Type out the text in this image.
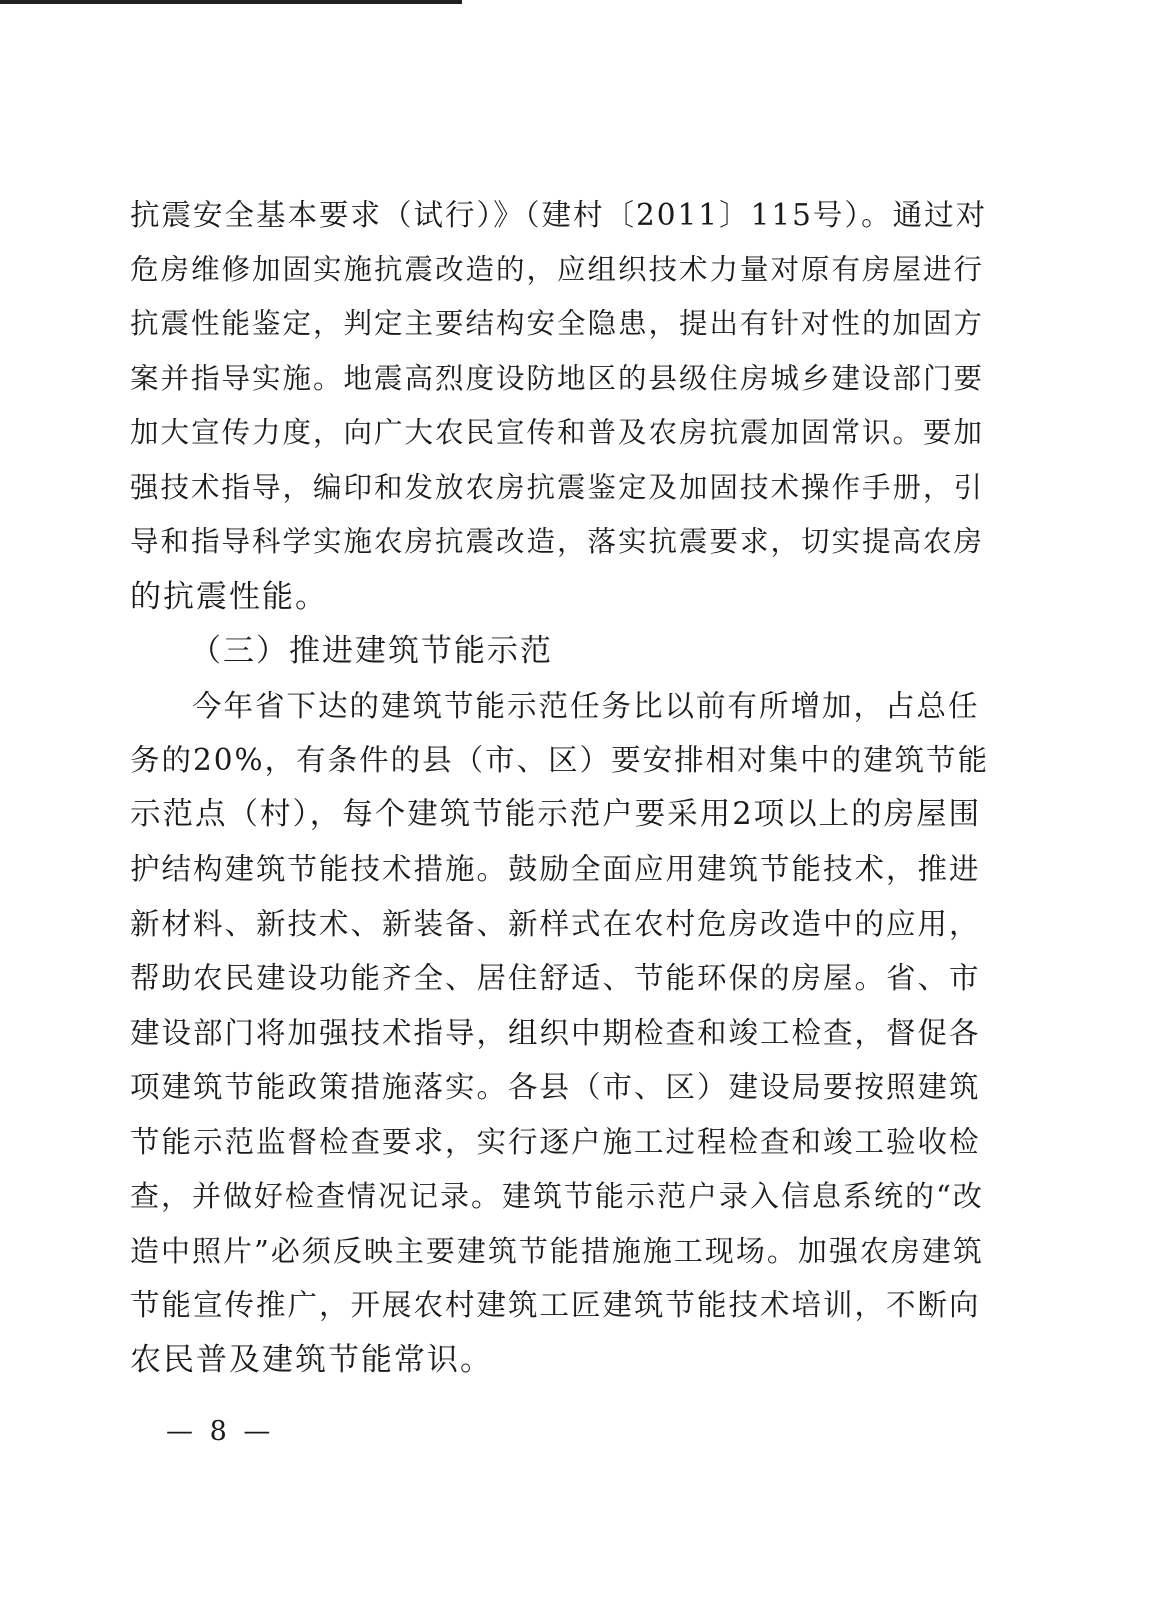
抗震安全基本要求（试行）》（建村〔2011〕115号）。通过对
危房维修加固实施抗震改造的，应组织技术力量对原有房屋进行
抗震性能鉴定，判定主要结构安全隐患，提出有针对性的加固方
案并指导实施。地震高烈度设防地区的县级住房城乡建设部门要
加大宣传力度，向广大农民宣传和普及农房抗震加固常识。要加
强技术指导，编印和发放农房抗震鉴定及加固技术操作手册，引
导和指导科学实施农房抗震改造，落实抗震要求，切实提高农房
的抗震性能。
（三）推进建筑节能示范
今年省下达的建筑节能示范任务比以前有所增加，占总任
务的20%，有条件的县（市、区）要安排相对集中的建筑节能
示范点（村），每个建筑节能示范户要采用2项以上的房屋围
护结构建筑节能技术措施。鼓励全面应用建筑节能技术，推进
新材料、新技术、新装备、新样式在农村危房改造中的应用，
帮助农民建设功能齐全、居住舒适、节能环保的房屋。省、市
建设部门将加强技术指导，组织中期检查和竣工检查，督促各
项建筑节能政策措施落实。各县（市、区）建设局要按照建筑
节能示范监督检查要求，实行逐户施工过程检查和竣工验收检
查，并做好检查情况记录。建筑节能示范户录入信息系统的“改
造中照片”必须反映主要建筑节能措施施工现场。加强农房建筑
节能宣传推广，开展农村建筑工匠建筑节能技术培训，不断向
农民普及建筑节能常识。
— 8 —
